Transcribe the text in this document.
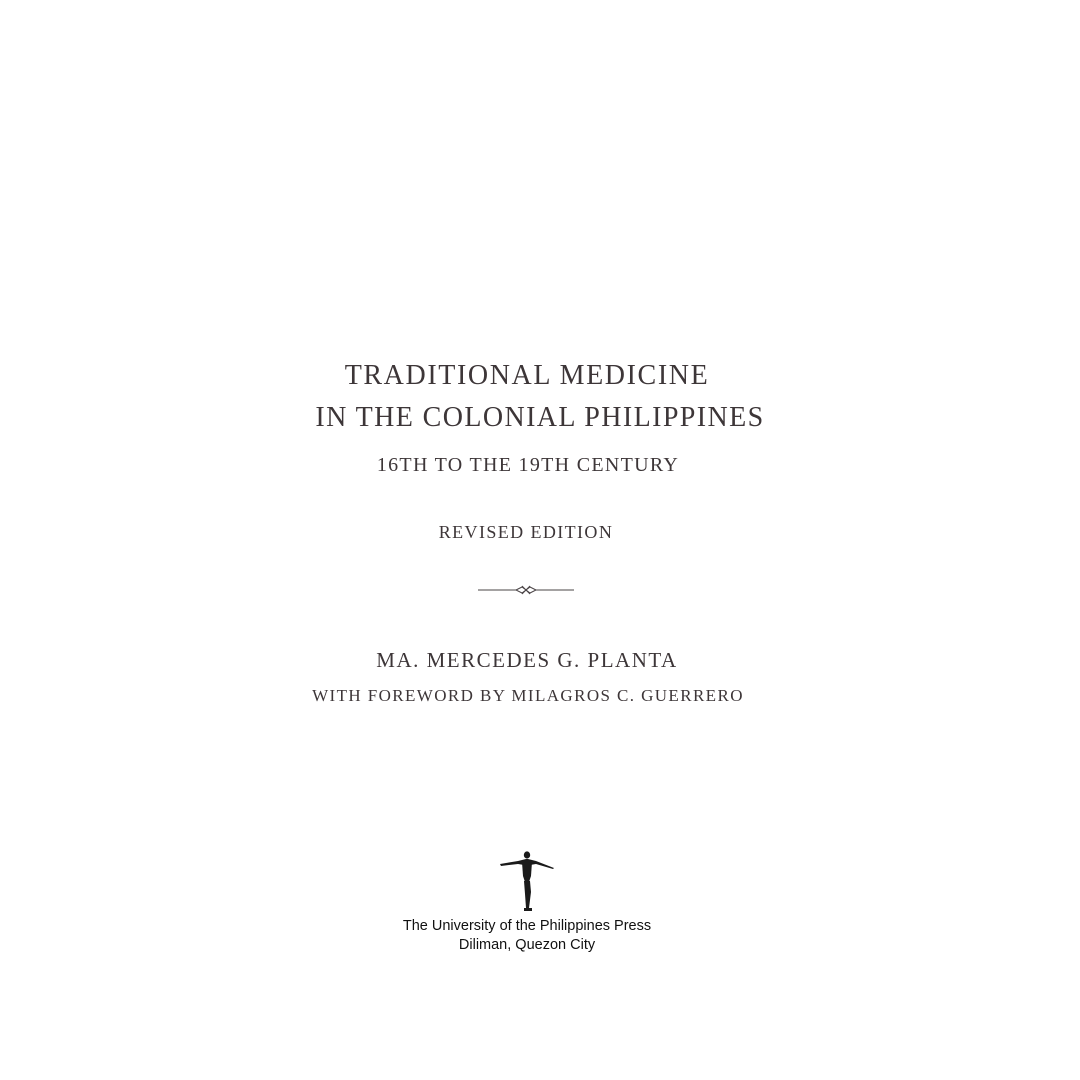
TRADITIONAL MEDICINE
IN THE COLONIAL PHILIPPINES
16TH TO THE 19TH CENTURY
REVISED EDITION
MA. MERCEDES G. PLANTA
WITH FOREWORD BY MILAGROS C. GUERRERO
The University of the Philippines Press
Diliman, Quezon City
